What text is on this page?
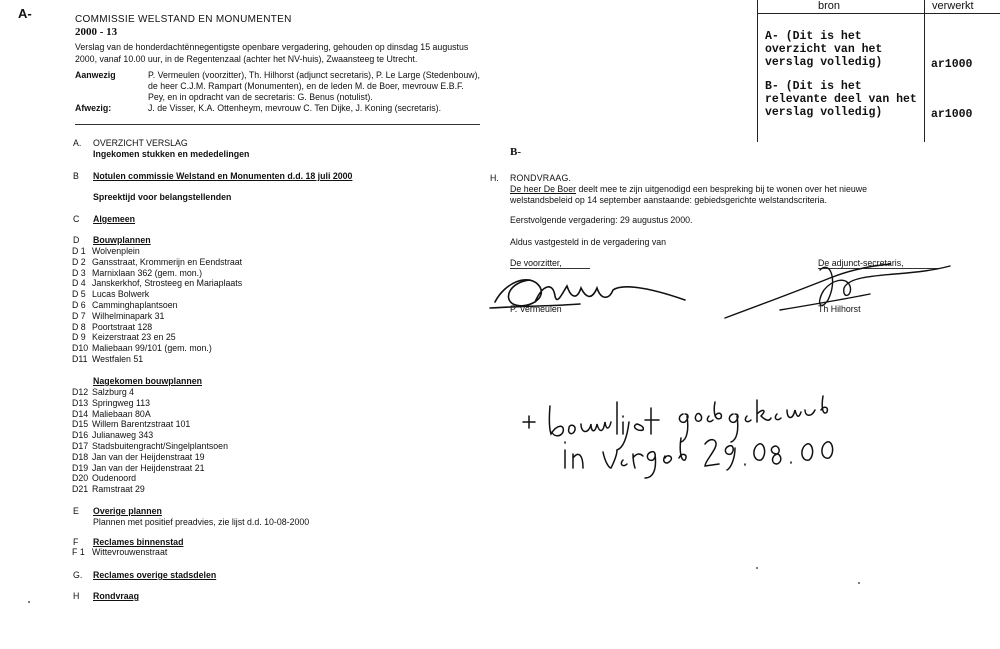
A-	COMMISSIE WELSTAND EN MONUMENTEN
2000 - 13
Verslag van de honderdachtënnegentigste openbare vergadering, gehouden op dinsdag 15 augustus 2000, vanaf 10.00 uur, in de Regentenzaal (achter het NV-huis), Zwaansteeg te Utrecht.
Aanwezig	P. Vermeulen (voorzitter), Th. Hilhorst (adjunct secretaris), P. Le Large (Stedenbouw), de heer C.J.M. Rampart (Monumenten), en de leden M. de Boer, mevrouw E.B.F. Pey, en in opdracht van de secretaris: G. Benus (notulist).
Afwezig:	J. de Visser, K.A. Ottenheym, mevrouw C. Ten Dijke, J. Koning (secretaris).
A. OVERZICHT VERSLAG
Ingekomen stukken en mededelingen
B Notulen commissie Welstand en Monumenten d.d. 18 juli 2000
Spreektijd voor belangstellenden
C Algemeen
D Bouwplannen
D 1 Wolvenplein
D 2 Gansstraat, Krommerijn en Eendstraat
D 3 Marnixlaan 362 (gem. mon.)
D 4 Janskerkhof, Strosteeg en Mariaplaats
D 5 Lucas Bolwerk
D 6 Camminghaplantsoen
D 7 Wilhelminapark 31
D 8 Poortstraat 128
D 9 Keizerstraat 23 en 25
D10 Maliebaan 99/101 (gem. mon.)
D11 Westfalen 51
Nagekomen bouwplannen
D12 Salzburg 4
D13 Springweg 113
D14 Maliebaan 80A
D15 Willem Barentzstraat 101
D16 Julianaweg 343
D17 Stadsbuitengracht/Singelplantsoen
D18 Jan van der Heijdenstraat 19
D19 Jan van der Heijdenstraat 21
D20 Oudenoord
D21 Ramstraat 29
E Overige plannen
Plannen met positief preadvies, zie lijst d.d. 10-08-2000
F Reclames binnenstad
F 1 Wittevrouwenstraat
G. Reclames overige stadsdelen
H Rondvraag
bron	verwerkt
A- (Dit is het overzicht van het verslag volledig)	ar1000
B- (Dit is het relevante deel van het verslag volledig)	ar1000
B-
H. RONDVRAAG.
De heer De Boer deelt mee te zijn uitgenodigd een bespreking bij te wonen over het nieuwe welstandsbeleid op 14 september aanstaande: gebiedsgerichte welstandscriteria.
Eerstvolgende vergadering: 29 augustus 2000.
Aldus vastgesteld in de vergadering van
De voorzitter,	De adjunct-secretaris,
P. Vermeulen	Th Hilhorst
